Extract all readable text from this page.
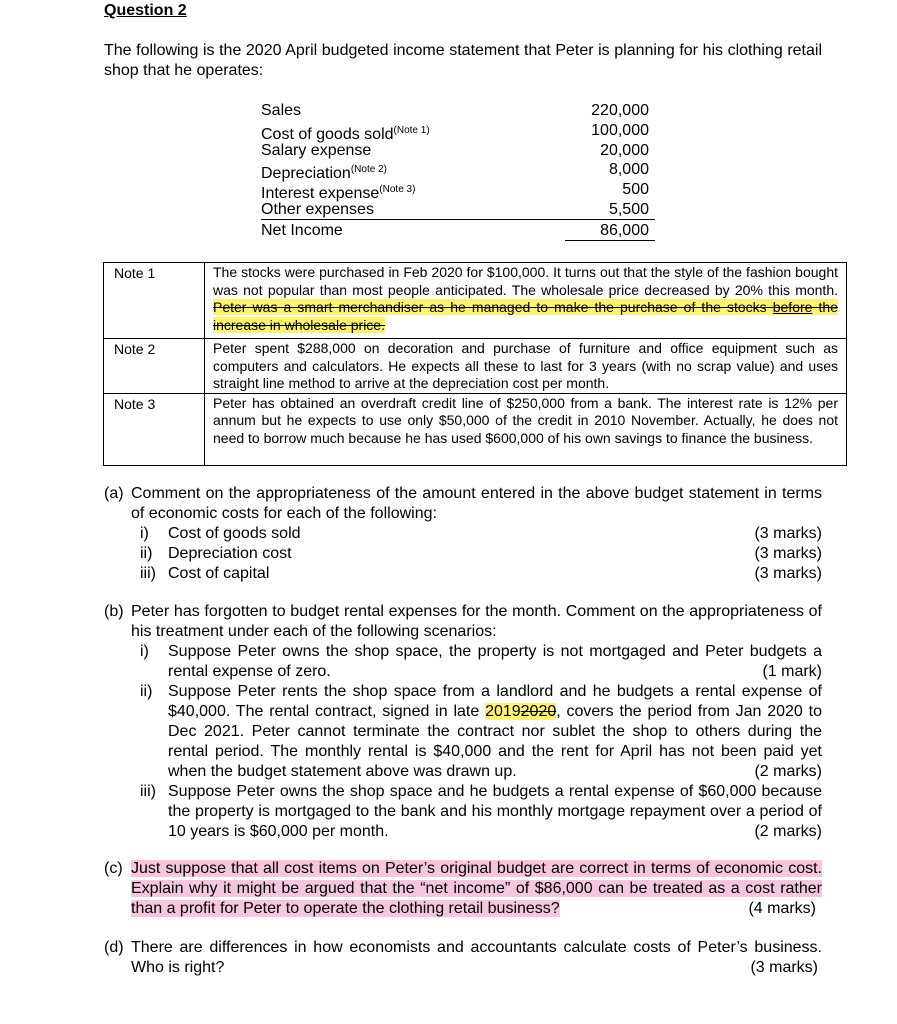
Question 2
The following is the 2020 April budgeted income statement that Peter is planning for his clothing retail shop that he operates:
Sales	220,000
Cost of goods sold$^{(Note 1)}$	100,000
Salary expense	20,000
Depreciation$^{(Note 2)}$	8,000
Interest expense$^{(Note 3)}$	500
Other expenses	5,500
Net Income	86,000
Note 1	The stocks were purchased in Feb 2020 for $100,000. It turns out that the style of the fashion bought was not popular than most people anticipated. The wholesale price decreased by 20% this month. Peter was a smart merchandiser as he managed to make the purchase of the stocks before the increase in wholesale price.
Note 2	Peter spent $288,000 on decoration and purchase of furniture and office equipment such as computers and calculators. He expects all these to last for 3 years (with no scrap value) and uses straight line method to arrive at the depreciation cost per month.
Note 3	Peter has obtained an overdraft credit line of $250,000 from a bank. The interest rate is 12% per annum but he expects to use only $50,000 of the credit in 2010 November. Actually, he does not need to borrow much because he has used $600,000 of his own savings to finance the business.
(a) Comment on the appropriateness of the amount entered in the above budget statement in terms of economic costs for each of the following:
i) Cost of goods sold	(3 marks)
ii) Depreciation cost	(3 marks)
iii) Cost of capital	(3 marks)
(b) Peter has forgotten to budget rental expenses for the month. Comment on the appropriateness of his treatment under each of the following scenarios:
i) Suppose Peter owns the shop space, the property is not mortgaged and Peter budgets a rental expense of zero.	(1 mark)
ii) Suppose Peter rents the shop space from a landlord and he budgets a rental expense of $40,000. The rental contract, signed in late 20192020, covers the period from Jan 2020 to Dec 2021. Peter cannot terminate the contract nor sublet the shop to others during the rental period. The monthly rental is $40,000 and the rent for April has not been paid yet when the budget statement above was drawn up.	(2 marks)
iii) Suppose Peter owns the shop space and he budgets a rental expense of $60,000 because the property is mortgaged to the bank and his monthly mortgage repayment over a period of 10 years is $60,000 per month.	(2 marks)
(c) Just suppose that all cost items on Peter’s original budget are correct in terms of economic cost. Explain why it might be argued that the “net income” of $86,000 can be treated as a cost rather than a profit for Peter to operate the clothing retail business?	(4 marks)
(d) There are differences in how economists and accountants calculate costs of Peter’s business. Who is right?	(3 marks)
